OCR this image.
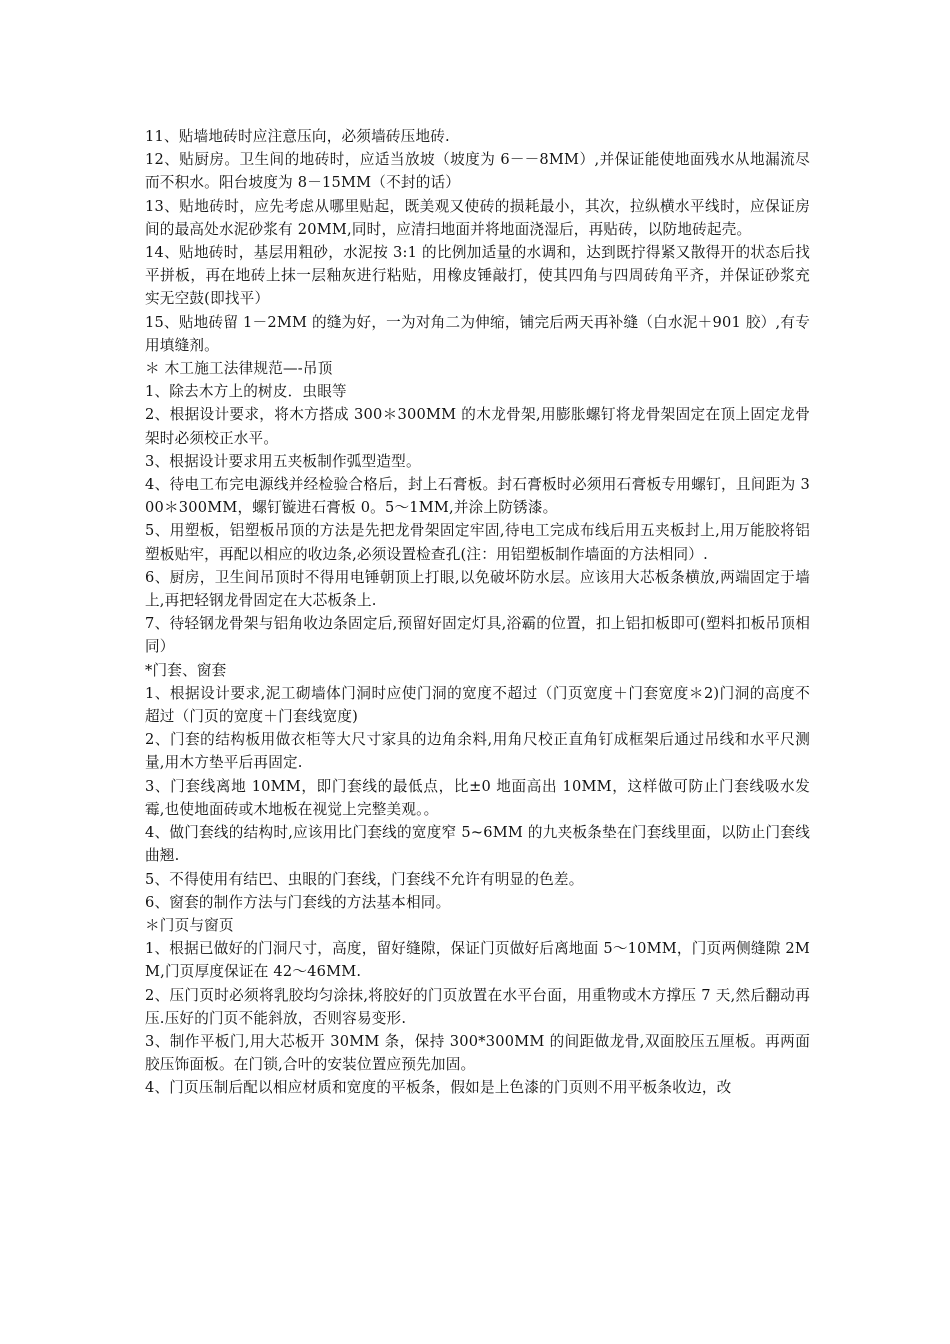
11、贴墙地砖时应注意压向，必须墙砖压地砖.

12、贴厨房。卫生间的地砖时，应适当放坡（坡度为 6－－8MM）,并保证能使地面残水从地漏流尽而不积水。阳台坡度为 8－15MM（不封的话）

13、贴地砖时，应先考虑从哪里贴起，既美观又使砖的损耗最小，其次，拉纵横水平线时，应保证房间的最高处水泥砂浆有 20MM,同时，应清扫地面并将地面浇湿后，再贴砖，以防地砖起壳。

14、贴地砖时，基层用粗砂，水泥按 3:1 的比例加适量的水调和，达到既拧得紧又散得开的状态后找平拼板，再在地砖上抹一层釉灰进行粘贴，用橡皮锤敲打，使其四角与四周砖角平齐，并保证砂浆充实无空鼓(即找平）

15、贴地砖留 1－2MM 的缝为好，一为对角二为伸缩，铺完后两天再补缝（白水泥＋901 胶）,有专用填缝剂。

＊ 木工施工法律规范—-吊顶

1、除去木方上的树皮．虫眼等

2、根据设计要求，将木方搭成 300＊300MM 的木龙骨架,用膨胀螺钉将龙骨架固定在顶上固定龙骨架时必须校正水平。

3、根据设计要求用五夹板制作弧型造型。

4、待电工布完电源线并经检验合格后，封上石膏板。封石膏板时必须用石膏板专用螺钉，且间距为 300＊300MM，螺钉镟进石膏板 0。5～1MM,并涂上防锈漆。

5、用塑板，铝塑板吊顶的方法是先把龙骨架固定牢固,待电工完成布线后用五夹板封上,用万能胶将铝塑板贴牢，再配以相应的收边条,必须设置检查孔(注：用铝塑板制作墙面的方法相同）.

6、厨房，卫生间吊顶时不得用电锤朝顶上打眼,以免破坏防水层。应该用大芯板条横放,两端固定于墙上,再把轻钢龙骨固定在大芯板条上.

7、待轻钢龙骨架与铝角收边条固定后,预留好固定灯具,浴霸的位置，扣上铝扣板即可(塑料扣板吊顶相同）

*门套、窗套

1、根据设计要求,泥工砌墙体门洞时应使门洞的宽度不超过（门页宽度＋门套宽度＊2)门洞的高度不超过（门页的宽度＋门套线宽度)

2、门套的结构板用做衣柜等大尺寸家具的边角余料,用角尺校正直角钉成框架后通过吊线和水平尺测量,用木方垫平后再固定.

3、门套线离地 10MM，即门套线的最低点，比±0 地面高出 10MM，这样做可防止门套线吸水发霉,也使地面砖或木地板在视觉上完整美观。。

4、做门套线的结构时,应该用比门套线的宽度窄 5~6MM 的九夹板条垫在门套线里面，以防止门套线曲翘.

5、不得使用有结巴、虫眼的门套线，门套线不允许有明显的色差。

6、窗套的制作方法与门套线的方法基本相同。

＊门页与窗页

1、根据已做好的门洞尺寸，高度，留好缝隙，保证门页做好后离地面 5～10MM，门页两侧缝隙 2MM,门页厚度保证在 42～46MM.

2、压门页时必须将乳胶均匀涂抹,将胶好的门页放置在水平台面，用重物或木方撑压 7 天,然后翻动再压.压好的门页不能斜放，否则容易变形.

3、制作平板门,用大芯板开 30MM 条，保持 300*300MM 的间距做龙骨,双面胶压五厘板。再两面胶压饰面板。在门锁,合叶的安装位置应预先加固。

4、门页压制后配以相应材质和宽度的平板条，假如是上色漆的门页则不用平板条收边，改
